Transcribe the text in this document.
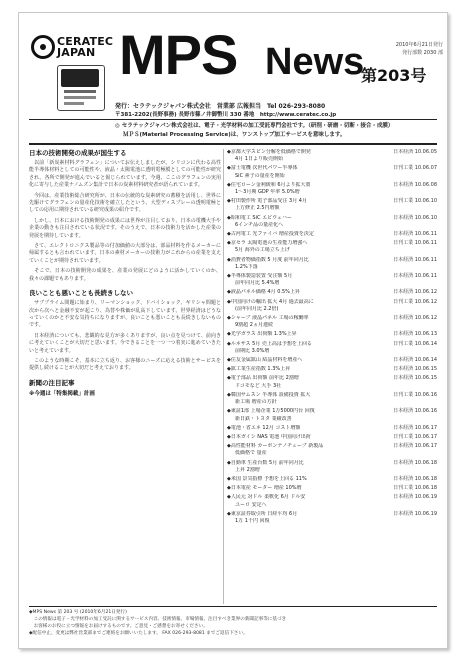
CERATEC
JAPAN MPS News	2010年6月21日発行
発行部数 2030 部
第203号
発行：セラテックジャパン株式会社　営業部 広報担当　Tel 026-293-8080
〒381-2202(長野事務) 長野市篠ノ井御幣川 330 番地　http://www.ceratec.co.jp
◎ セラテックジャパン株式会社は、電子・光学材料の加工受託専門会社です。（研削・研磨・切断・接合・成膜）
ＭＰＳ(Material Processing Service)は、ワンストップ加工サービスを意味します。
日本の技術開発の成果が国生する

　以前「新炭素材料グラフェン」についてお伝えしましたが、シリコンに代わる高性能半導体材料としての可能性や、液晶・太陽電池に透明電極膜としての可能性が研究され、各所で開発が進んでいると報じられています。今週、ここのグラフェンの実用化に寄与した産業ナノムズン集計で日本の炭素材料研究者が語られています。

　今回は、産業技術総合研究所が、日本の伝統的な炭素研究の蓄積を活用し、世界に先駆けてグラフェンの量産化技術を確立したという、大型ディスプレーの透明電極としての応用に期待されている研究成果の紹介です。

　しかし、日本における技術開発の成果には世界が注目しており、日本の電機大手や企業の動きも注目されている状況です。そのうえで、日本の技術力を活かした産業の発展を期待しています。

　さて、エレクトロニクス製品等の付加価値の大部分は、部品材料を作るメーカーに帰属するとも言われています。日本の素材メーカーの技術力がこれからの産業を支えていくことが期待されています。

　そこで、日本の技術開発の成果を、産業の発展にどのように活かしていくのか、我々の課題でもあります。

良いことも悪いことも長続きしない

　サブプライム問題に始まり、リーマンショック、ドバイショック、ギリシャ問題と次から次へと金融不安が起こり、為替や株価が乱高下しています。世界経済はどうなっていくのかと不安な気持ちになりますが、良いことも悪いことも長続きしないものです。

　日本経済についても、悲観的な見方が多くありますが、良い点を見つけて、前向きに考えていくことが大切だと思います。今できることを一つ一つ着実に進めていきたいと考えています。

　このような時期こそ、基本に立ち返り、お客様のニーズに応える技術とサービスを提供し続けることが大切だと考えております。

新聞の注目記事
※今週は「特集掲載」計画
日本経済 10.06.05
◆京都大学スピン分解を低価格で開発
4月 1日より販売開始
日刊工業 10.06.07
◆富士電機 次世代パワー半導体
SiC 素子の量産を開始
日本経済 10.06.08
◆住宅ローン金利緩和 6月より拡大策
1〜3月期 GDP 年率 5.0%増
日刊工業 10.06.10
◆村田製作所 電子部品受注 3月 4月
上方修正 2.5円増額
日本経済 10.06.10
◆昭和電工 SiC エピウェハー
6インチ品の量産化へ
日本経済 10.06.11
◆古河電工 光ファイバ 増産投資を決定
日刊工業 10.06.11
◆京セラ 太陽電池の生産能力増強へ
5月 海外の工場立ち上げ
日本経済 10.06.11
◆消費者物価指数 5 月度 前年同月比
1.2%下落
日本経済 10.06.11
◆半導体製造装置 受注額 5月
前年同月比 5.4%増
日本経済 10.06.12
◆液晶パネル価格 4月 0.5%上昇
日刊工業 10.06.12
◆中国向けの輸出 拡大 4月 過去最高に
(前年同月比 2.2倍)
日本経済 10.06.12
◆シャープ 液晶パネル 工場の稼働率
9割超 2ヵ月連続
日本経済 10.06.13
◆光学ガラス 出荷額 1.3%上昇
日刊工業 10.06.14
◆ルネサス 5月 売上高は予想を上回る
前期比 3.0%増
日本経済 10.06.14
◆住友金属鉱山 結晶材料を増産へ
日本経済 10.06.15
◆鉱工業生産指数 1.3%上昇
日本経済 10.06.15
◆電子部品 出荷額 前年比 2割増
ドコモなど 大手 3社
日刊工業 10.06.16
◆韓国サムスン 半導体 設備投資 拡大
新工場 増産の方針
日本経済 10.06.16
◆東証1部 上場企業 1万5000円台 回復
新日鉄・トヨタ 業績改善
日本経済 10.06.17
◆電池・省エネ 12月 コスト増額
日刊工業 10.06.17
◆日本ガイシ NAS 電池 中国向け出荷
日本経済 10.06.17
◆高性能材料 カーボンナノチューブ 新製品
低価格で 量産
日本経済 10.06.18
◆自動車 生産台数 5月 前年同月比
上昇 2割増
日本経済 10.06.18
◆米国 景気指標 予想を上回る 11%
日刊工業 10.06.18
◆日本電産 モーター 増産 10%増
日本経済 10.06.19
◆人民元 対ドル 柔軟化 6月 ドル安
ユーロ 安定へ
日本経済 10.06.19
◆東京証券取引所 日経平均 6月
1万 1千円 回復
◆MPS News 第 203 号 (2010年6月21日発行)
　この情報は電子・光学材料の加工受託に関するサービス内容、技術情報、市場情報、注目すべき業界の新聞記事等に基づき
　お客様のお役に立つ情報をお届けするものです。ご意見・ご感想をお寄せください。
◆配信中止、変更は弊社営業部までご連絡をお願いいたします。 FAX 026-293-8081 までご返信下さい。
